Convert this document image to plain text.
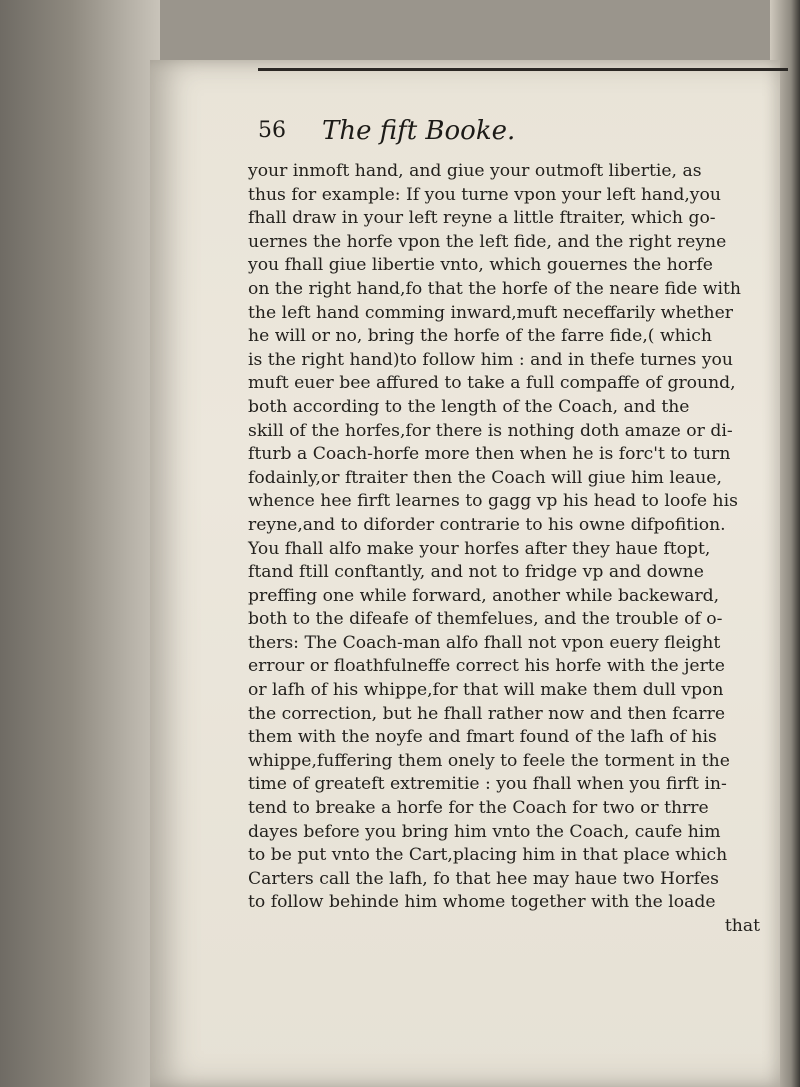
56 The fift Booke.
your inmoft hand, and giue your outmoft libertie, as
thus for example: If you turne vpon your left hand,you
fhall draw in your left reyne a little ftraiter, which go-
uernes the horfe vpon the left fide, and the right reyne
you fhall giue libertie vnto, which gouernes the horfe
on the right hand,fo that the horfe of the neare fide with
the left hand comming inward,muft neceffarily whether
he will or no, bring the horfe of the farre fide,( which
is the right hand)to follow him : and in thefe turnes you
muft euer bee affured to take a full compaffe of ground,
both according to the length of the Coach, and the
skill of the horfes,for there is nothing doth amaze or di-
fturb a Coach-horfe more then when he is forc't to turn
fodainly,or ftraiter then the Coach will giue him leaue,
whence hee firft learnes to gagg vp his head to loofe his
reyne,and to diforder contrarie to his owne difpofition.
You fhall alfo make your horfes after they haue ftopt,
ftand ftill conftantly, and not to fridge vp and downe
preffing one while forward, another while backeward,
both to the difeafe of themfelues, and the trouble of o-
thers: The Coach-man alfo fhall not vpon euery fleight
errour or floathfulneffe correct his horfe with the jerte
or lafh of his whippe,for that will make them dull vpon
the correction, but he fhall rather now and then fcarre
them with the noyfe and fmart found of the lafh of his
whippe,fuffering them onely to feele the torment in the
time of greateft extremitie : you fhall when you firft in-
tend to breake a horfe for the Coach for two or thrre
dayes before you bring him vnto the Coach, caufe him
to be put vnto the Cart,placing him in that place which
Carters call the lafh, fo that hee may haue two Horfes
to follow behinde him whome together with the loade
that
